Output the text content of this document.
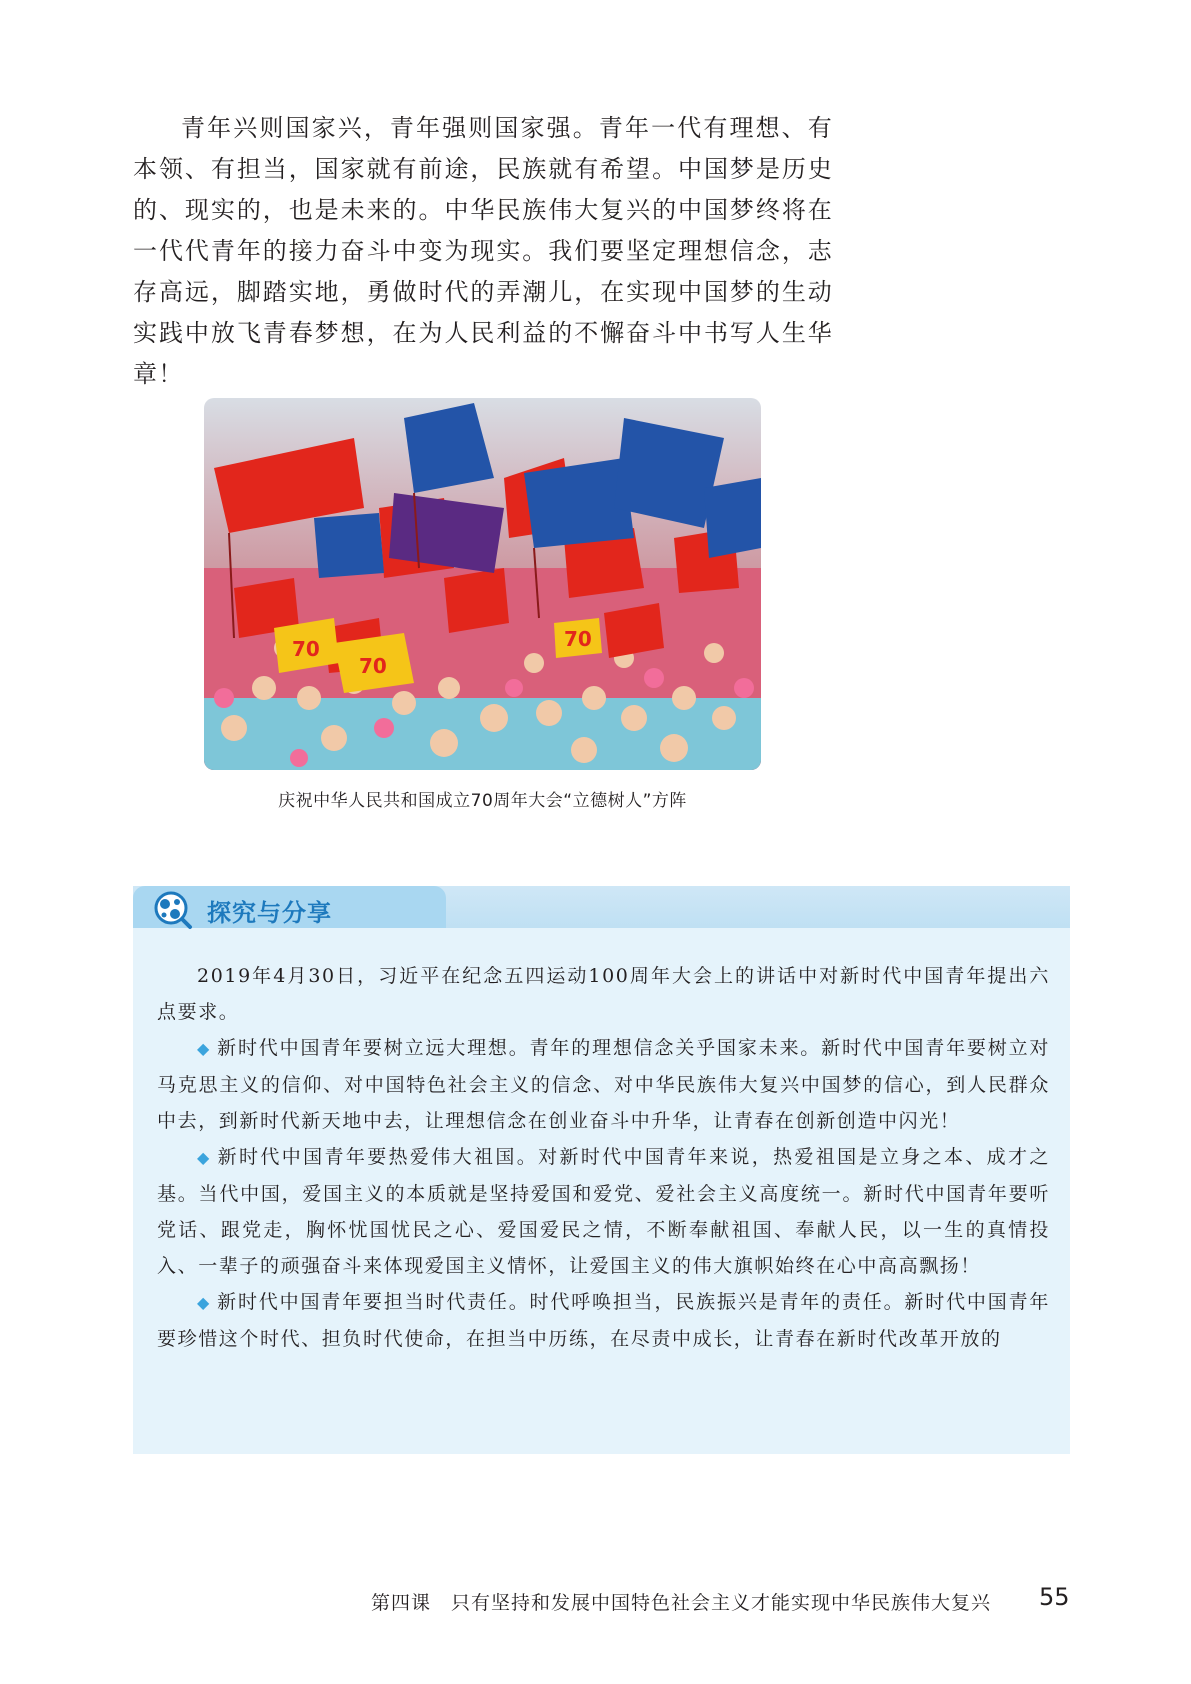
青年兴则国家兴，青年强则国家强。青年一代有理想、有本领、有担当，国家就有前途，民族就有希望。中国梦是历史的、现实的，也是未来的。中华民族伟大复兴的中国梦终将在一代代青年的接力奋斗中变为现实。我们要坚定理想信念，志存高远，脚踏实地，勇做时代的弄潮儿，在实现中国梦的生动实践中放飞青春梦想，在为人民利益的不懈奋斗中书写人生华章！

70
70
70
庆祝中华人民共和国成立70周年大会“立德树人”方阵
探究与分享

2019年4月30日，习近平在纪念五四运动100周年大会上的讲话中对新时代中国青年提出六点要求。

◆ 新时代中国青年要树立远大理想。青年的理想信念关乎国家未来。新时代中国青年要树立对马克思主义的信仰、对中国特色社会主义的信念、对中华民族伟大复兴中国梦的信心，到人民群众中去，到新时代新天地中去，让理想信念在创业奋斗中升华，让青春在创新创造中闪光！

◆ 新时代中国青年要热爱伟大祖国。对新时代中国青年来说，热爱祖国是立身之本、成才之基。当代中国，爱国主义的本质就是坚持爱国和爱党、爱社会主义高度统一。新时代中国青年要听党话、跟党走，胸怀忧国忧民之心、爱国爱民之情，不断奉献祖国、奉献人民，以一生的真情投入、一辈子的顽强奋斗来体现爱国主义情怀，让爱国主义的伟大旗帜始终在心中高高飘扬！

◆ 新时代中国青年要担当时代责任。时代呼唤担当，民族振兴是青年的责任。新时代中国青年要珍惜这个时代、担负时代使命，在担当中历练，在尽责中成长，让青春在新时代改革开放的

第四课　只有坚持和发展中国特色社会主义才能实现中华民族伟大复兴 55
